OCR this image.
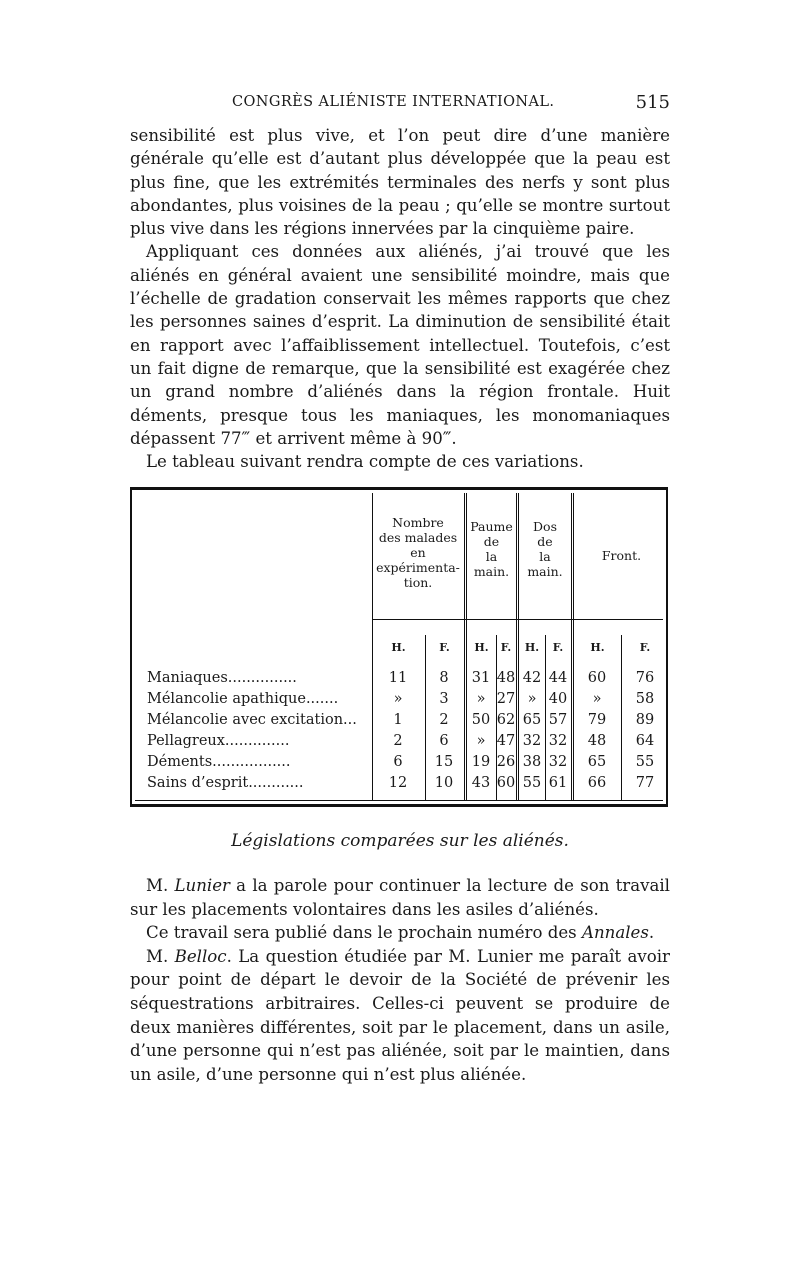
CONGRÈS ALIÉNISTE INTERNATIONAL.	515

sensibilité est plus vive, et l’on peut dire d’une manière générale qu’elle est d’autant plus développée que la peau est plus fine, que les extrémités terminales des nerfs y sont plus abondantes, plus voisines de la peau ; qu’elle se montre surtout plus vive dans les régions innervées par la cinquième paire.

Appliquant ces données aux aliénés, j’ai trouvé que les aliénés en général avaient une sensibilité moindre, mais que l’échelle de gradation conservait les mêmes rapports que chez les personnes saines d’esprit. La diminution de sensibilité était en rapport avec l’affaiblissement intellectuel. Toutefois, c’est un fait digne de remarque, que la sensibilité est exagérée chez un grand nombre d’aliénés dans la région frontale. Huit déments, presque tous les maniaques, les monomaniaques dépassent 77‴ et arrivent même à 90‴.

Le tableau suivant rendra compte de ces variations.

Nombre
des malades
en
expérimenta-
tion.
Paume
de
la
main.
Dos
de
la
main.
Front.
H.	F.	H.	F.	H.	F.	H.	F.
Maniaques...............	11	8	31 48 42 44	60	76
Mélancolie apathique.......	»	3	» 27 » 40	»	58
Mélancolie avec excitation...	1	2	50 62 65 57	79	89
Pellagreux..............	2	6	» 47 32 32	48	64
Déments.................	6	15	19 26 38 32	65	55
Sains d’esprit............	12	10	43 60 55 61	66	77
Législations comparées sur les aliénés.

M. Lunier a la parole pour continuer la lecture de son travail sur les placements volontaires dans les asiles d’aliénés.

Ce travail sera publié dans le prochain numéro des Annales.

M. Belloc. La question étudiée par M. Lunier me paraît avoir pour point de départ le devoir de la Société de prévenir les séquestrations arbitraires. Celles-ci peuvent se produire de deux manières différentes, soit par le placement, dans un asile, d’une personne qui n’est pas aliénée, soit par le maintien, dans un asile, d’une personne qui n’est plus aliénée.
